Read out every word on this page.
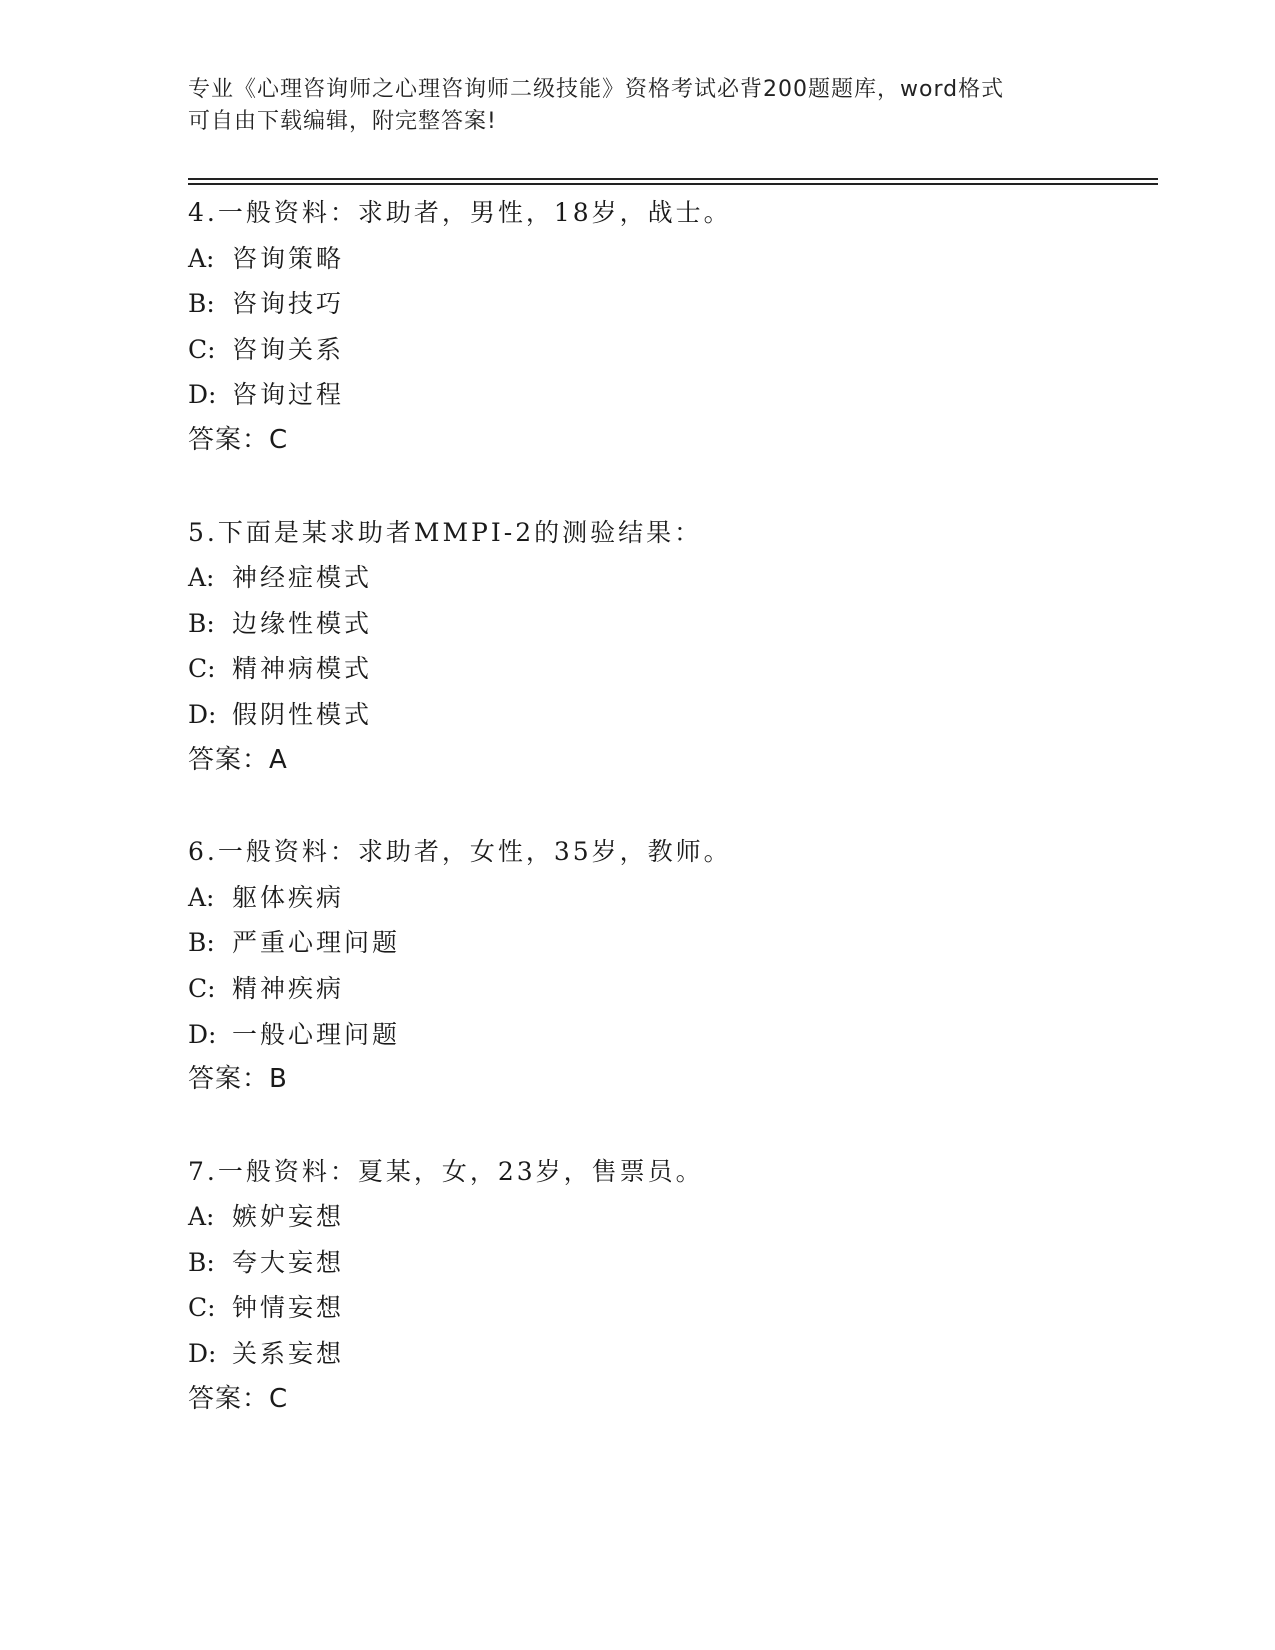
专业《心理咨询师之心理咨询师二级技能》资格考试必背200题题库，word格式
可自由下载编辑，附完整答案!
4.一般资料：求助者，男性，18岁，战士。
A: 咨询策略
B: 咨询技巧
C: 咨询关系
D: 咨询过程
答案：C
5.下面是某求助者MMPI-2的测验结果：
A: 神经症模式
B: 边缘性模式
C: 精神病模式
D: 假阴性模式
答案：A
6.一般资料：求助者，女性，35岁，教师。
A: 躯体疾病
B: 严重心理问题
C: 精神疾病
D: 一般心理问题
答案：B
7.一般资料：夏某，女，23岁，售票员。
A: 嫉妒妄想
B: 夸大妄想
C: 钟情妄想
D: 关系妄想
答案：C
